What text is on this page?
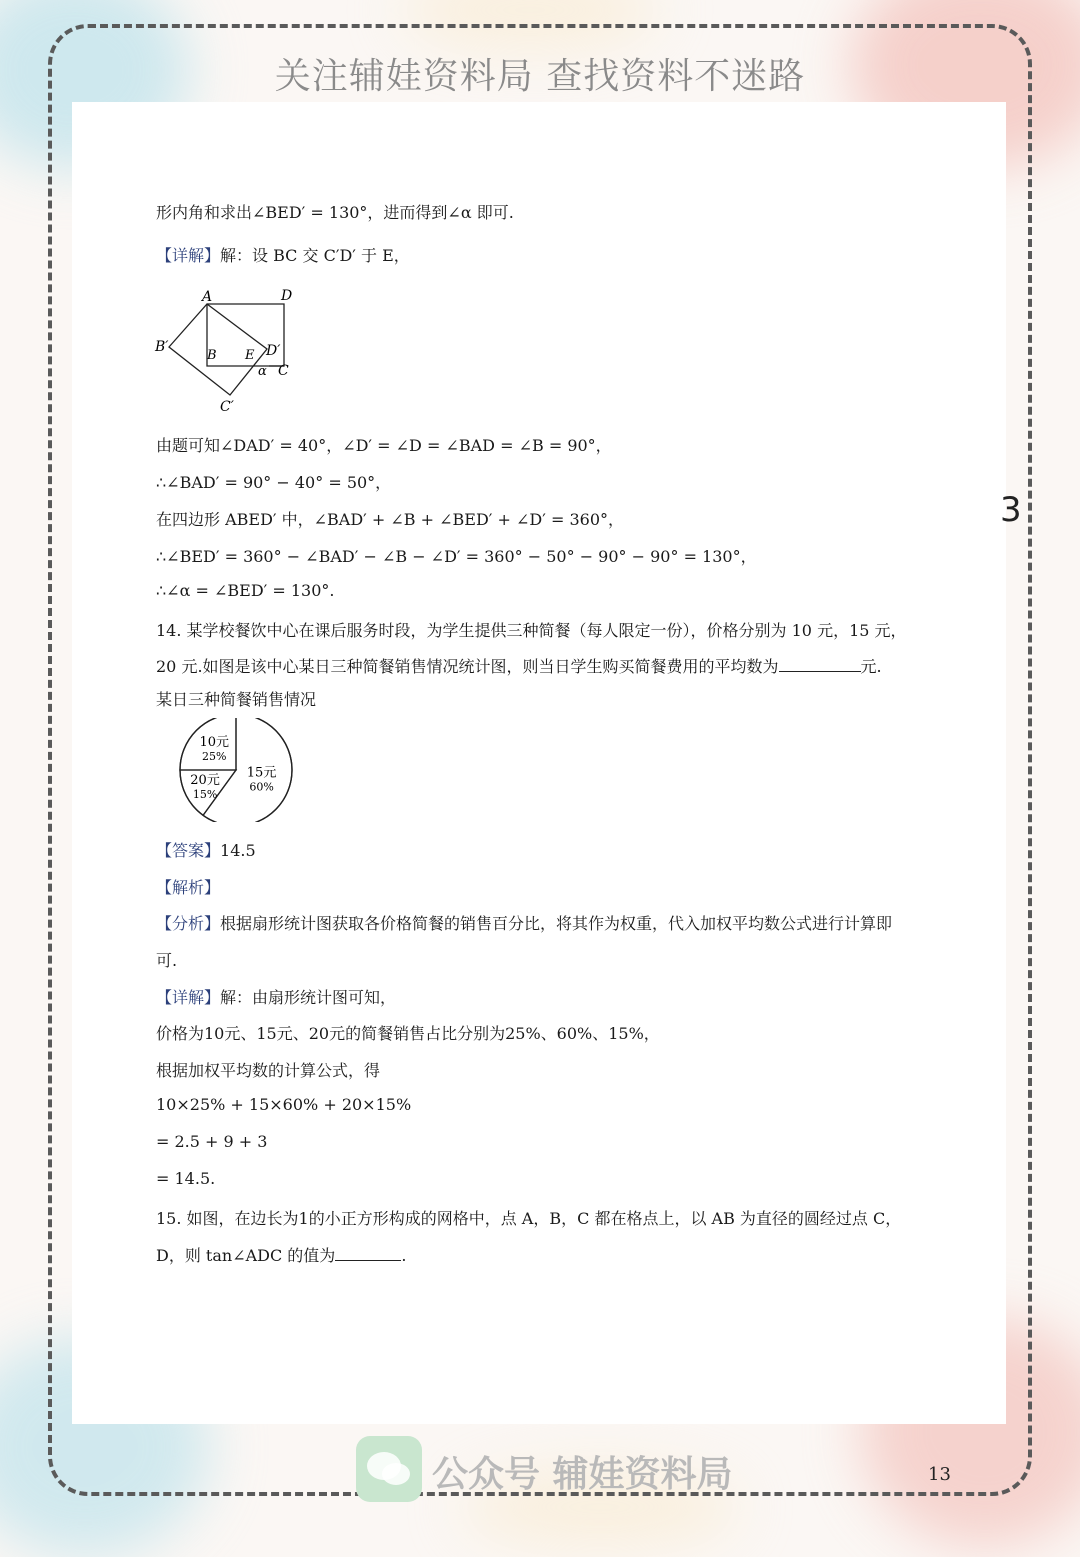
关注辅娃资料局 查找资料不迷路
形内角和求出∠BED′ = 130°，进而得到∠α 即可.
【详解】解：设 BC 交 C′D′ 于 E，
A	D
B′
B E D′
α C
C′
由题可知∠DAD′ = 40°，∠D′ = ∠D = ∠BAD = ∠B = 90°，
∴∠BAD′ = 90° − 40° = 50°，
在四边形 ABED′ 中，∠BAD′ + ∠B + ∠BED′ + ∠D′ = 360°，
∴∠BED′ = 360° − ∠BAD′ − ∠B − ∠D′ = 360° − 50° − 90° − 90° = 130°，
∴∠α = ∠BED′ = 130°.
14. 某学校餐饮中心在课后服务时段，为学生提供三种简餐（每人限定一份），价格分别为 10 元，15 元，
20 元.如图是该中心某日三种简餐销售情况统计图，则当日学生购买简餐费用的平均数为	元.
某日三种简餐销售情况
10元
25%
15元
60%
20元
15%
【答案】14.5
【解析】
【分析】根据扇形统计图获取各价格简餐的销售百分比，将其作为权重，代入加权平均数公式进行计算即
可.
【详解】解：由扇形统计图可知，
价格为10元、15元、20元的简餐销售占比分别为25%、60%、15%，
根据加权平均数的计算公式，得
10×25% + 15×60% + 20×15%
= 2.5 + 9 + 3
= 14.5.
15. 如图，在边长为1的小正方形构成的网格中，点 A，B，C 都在格点上，以 AB 为直径的圆经过点 C，
D，则 tan∠ADC 的值为	.
3
公众号 辅娃资料局	13
